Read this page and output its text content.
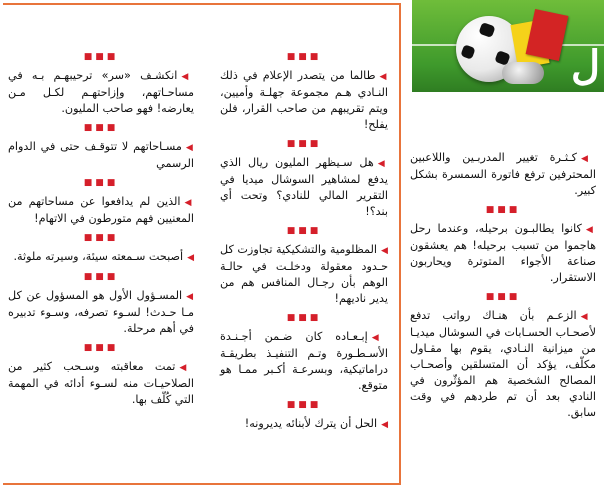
ل

◀كـثـرة تغيير المدربـين واللاعبين المحترفين ترفع فاتورة السمسرة بشكل كبير.

■■■

◀كانوا يطالبـون برحيله، وعندما رحل هاجموا من تسبب برحيله! هم يعشقون صناعة الأجواء المتوترة ويحاربون الاستقرار.

■■■

◀الزعـم بأن هنـاك رواتب تدفع لأصحـاب الحسـابات في السوشال ميديـا من ميزانية النـادي، يقوم بها مقـاول مكلّف، يؤكد أن المتسلقين وأصحـاب المصالح الشخصية هم المؤثّرون في النادي بعد أن تم طردهم في وقت سابق.

■■■

◀طالما من يتصدر الإعلام في ذلك النـادي هـم مجموعة جهلـة وأميين، ويتم تقريبهم من صاحب القرار، فلن يفلح!

■■■

◀هل سـيظهر المليون ريال الذي يدفع لمشاهير السوشال ميديا في التقرير المالي للنادي؟ وتحت أي بند؟!

■■■

◀المظلومية والتشكيكية تجاوزت كل حـدود معقولة ودخلـت في حالـة الوهم بأن رجـال المنافس هم من يدير ناديهم!

■■■

◀إبـعـاده كان ضـمن أجـنـدة الأسـطـورة وتـم التنفيـذ بطريقـة دراماتيكية، وبسرعـة أكـبر ممـا هو متوقع.

■■■

◀الحل أن يترك لأبنائه يديرونه!

■■■

◀انكشـف «سر» ترحيبهـم بـه في مساحـاتهم، وإزاحتهـم لكـل مـن يعارضه! فهو صاحب المليون.

■■■

◀مسـاحاتهم لا تتوقـف حتى في الدوام الرسمي

■■■

◀الذين لم يدافعوا عن مساحاتهم من المعنيين فهم متورطون في الاتهام!

■■■

◀أصبحت سـمعته سيئة، وسيرته ملوثة.

■■■

◀المسـؤول الأول هو المسؤول عن كل مـا حـدث! لسـوء تصرفه، وسـوء تدبيره في أهم مرحلة.

■■■

◀تمت معاقبته وسـحب كثير من الصلاحيـات منه لسـوء أدائه في المهمة التي كُلّف بها.
